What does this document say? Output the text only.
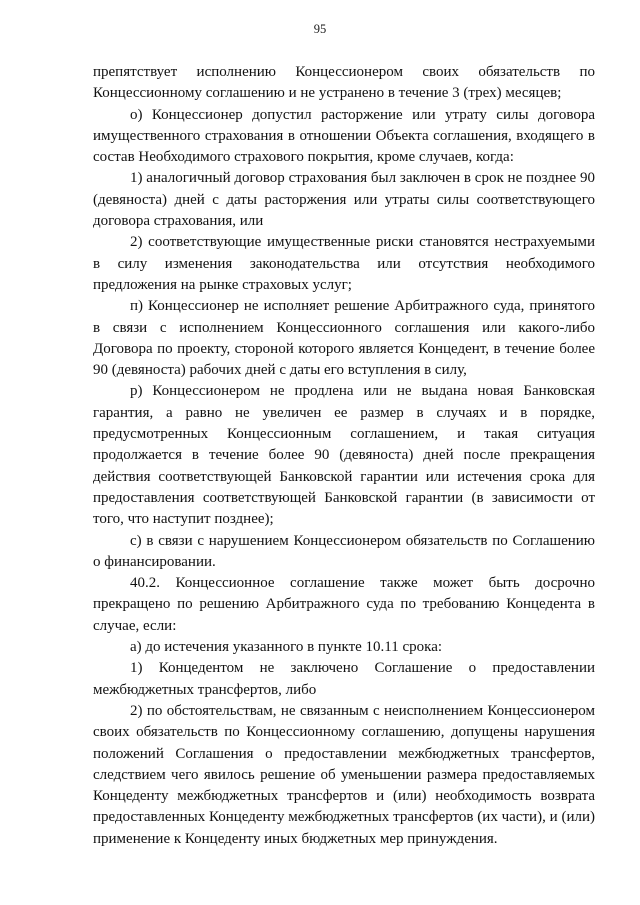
95

препятствует исполнению Концессионером своих обязательств по Концессионному соглашению и не устранено в течение 3 (трех) месяцев;

о) Концессионер допустил расторжение или утрату силы договора имущественного страхования в отношении Объекта соглашения, входящего в состав Необходимого страхового покрытия, кроме случаев, когда:

1) аналогичный договор страхования был заключен в срок не позднее 90 (девяноста) дней с даты расторжения или утраты силы соответствующего договора страхования, или

2) соответствующие имущественные риски становятся нестрахуемыми в силу изменения законодательства или отсутствия необходимого предложения на рынке страховых услуг;

п) Концессионер не исполняет решение Арбитражного суда, принятого в связи с исполнением Концессионного соглашения или какого-либо Договора по проекту, стороной которого является Концедент, в течение более 90 (девяноста) рабочих дней с даты его вступления в силу,

р) Концессионером не продлена или не выдана новая Банковская гарантия, а равно не увеличен ее размер в случаях и в порядке, предусмотренных Концессионным соглашением, и такая ситуация продолжается в течение более 90 (девяноста) дней после прекращения действия соответствующей Банковской гарантии или истечения срока для предоставления соответствующей Банковской гарантии (в зависимости от того, что наступит позднее);

с) в связи с нарушением Концессионером обязательств по Соглашению о финансировании.

40.2. Концессионное соглашение также может быть досрочно прекращено по решению Арбитражного суда по требованию Концедента в случае, если:

а) до истечения указанного в пункте 10.11 срока:

1) Концедентом не заключено Соглашение о предоставлении межбюджетных трансфертов, либо

2) по обстоятельствам, не связанным с неисполнением Концессионером своих обязательств по Концессионному соглашению, допущены нарушения положений Соглашения о предоставлении межбюджетных трансфертов, следствием чего явилось решение об уменьшении размера предоставляемых Концеденту межбюджетных трансфертов и (или) необходимость возврата предоставленных Концеденту межбюджетных трансфертов (их части), и (или) применение к Концеденту иных бюджетных мер принуждения.
